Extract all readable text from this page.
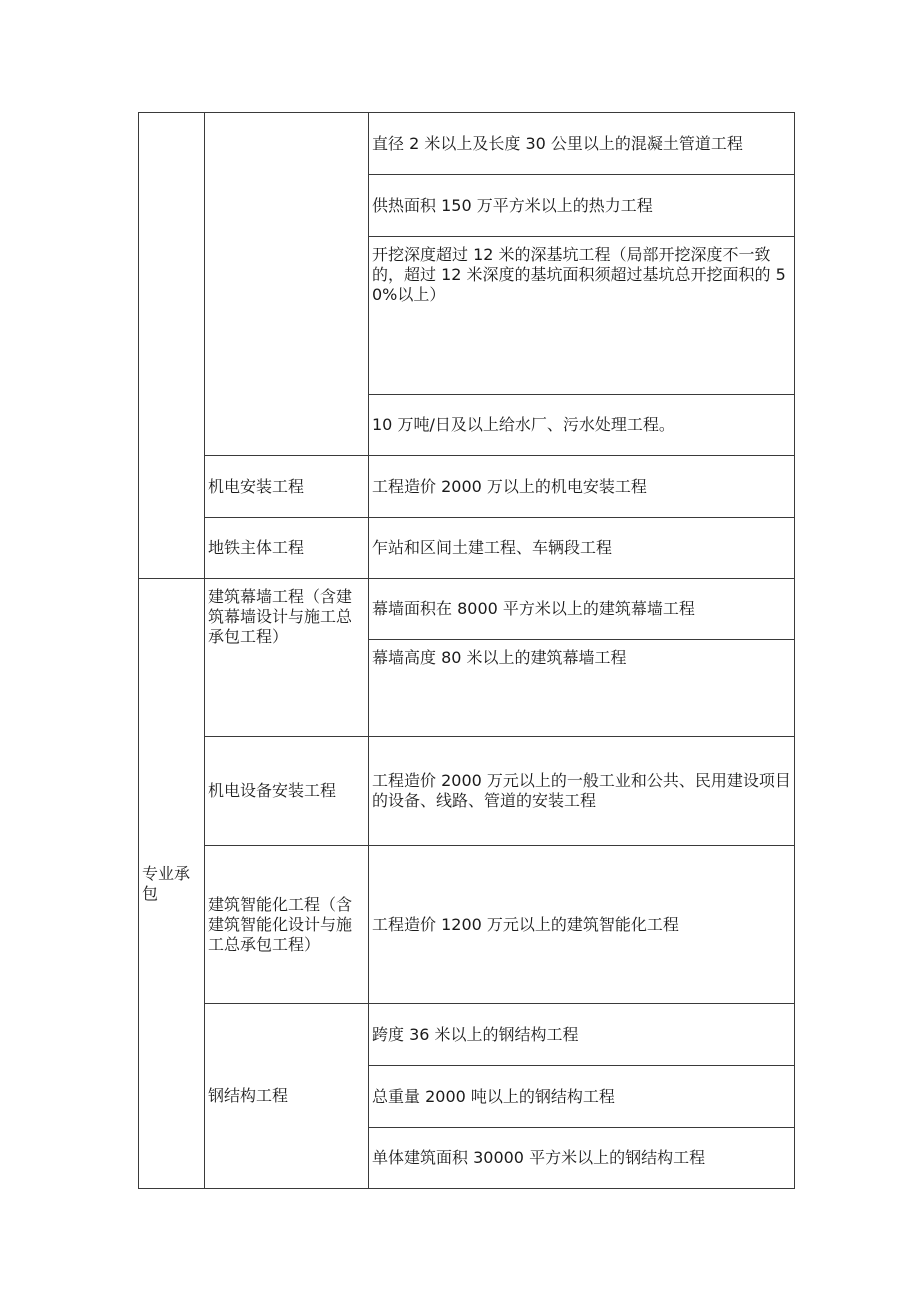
		直径 2 米以上及长度 30 公里以上的混凝土管道工程
		供热面积 150 万平方米以上的热力工程
		开挖深度超过 12 米的深基坑工程（局部开挖深度不一致的，超过 12 米深度的基坑面积须超过基坑总开挖面积的 50%以上）
		10 万吨/日及以上给水厂、污水处理工程。
	机电安装工程	工程造价 2000 万以上的机电安装工程
	地铁主体工程	乍站和区间土建工程、车辆段工程
专业承包	建筑幕墙工程（含建筑幕墙设计与施工总承包工程）	幕墙面积在 8000 平方米以上的建筑幕墙工程
		幕墙高度 80 米以上的建筑幕墙工程
	机电设备安装工程	工程造价 2000 万元以上的一般工业和公共、民用建设项目的设备、线路、管道的安装工程
	建筑智能化工程（含建筑智能化设计与施工总承包工程）	工程造价 1200 万元以上的建筑智能化工程
	钢结构工程	跨度 36 米以上的钢结构工程
		总重量 2000 吨以上的钢结构工程
		单体建筑面积 30000 平方米以上的钢结构工程
